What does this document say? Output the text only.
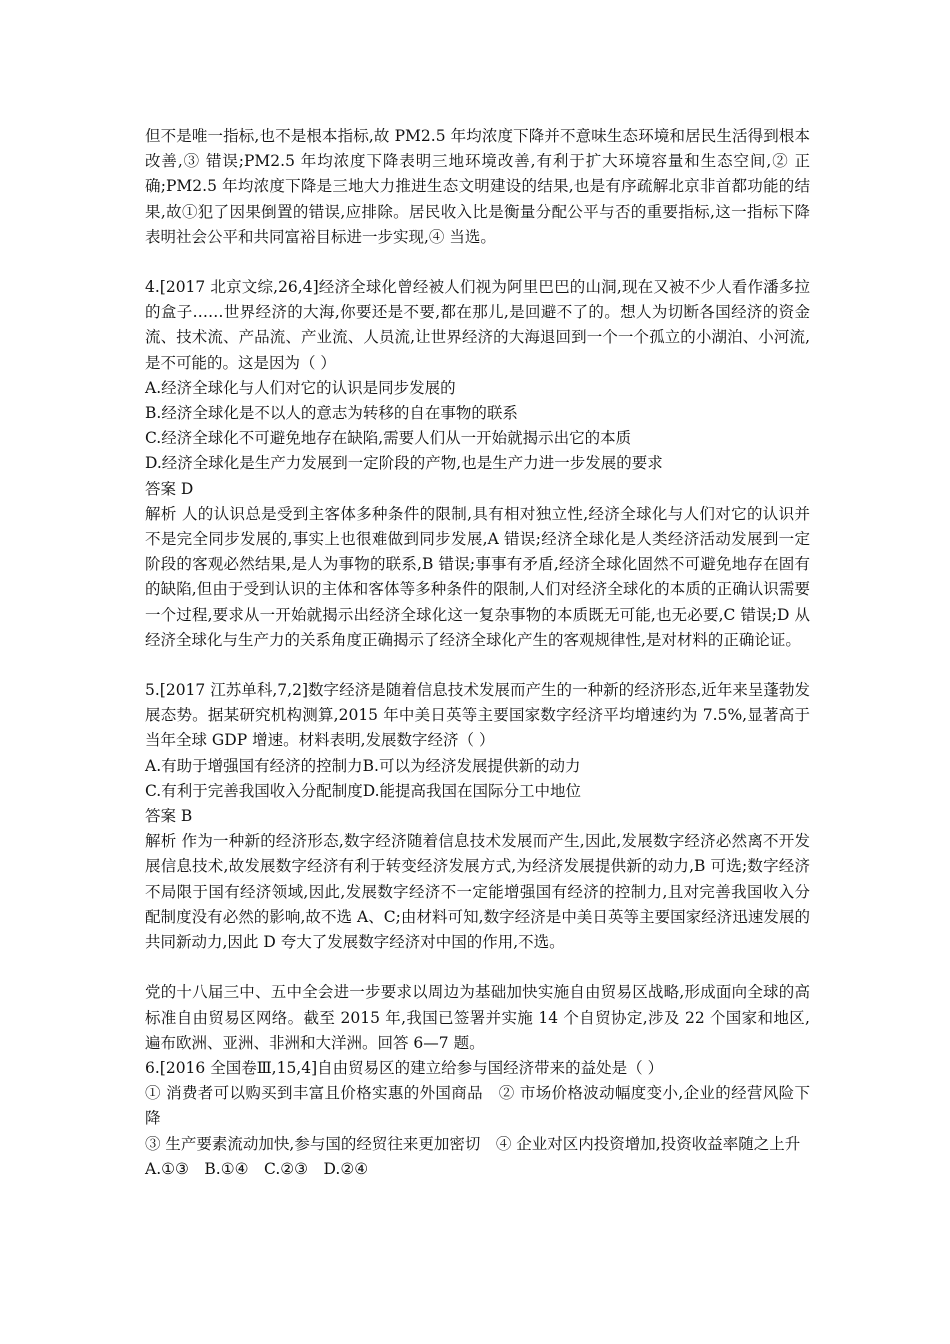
但不是唯一指标,也不是根本指标,故 PM2.5 年均浓度下降并不意味生态环境和居民生活得到根本改善,③ 错误;PM2.5 年均浓度下降表明三地环境改善,有利于扩大环境容量和生态空间,② 正确;PM2.5 年均浓度下降是三地大力推进生态文明建设的结果,也是有序疏解北京非首都功能的结果,故①犯了因果倒置的错误,应排除。居民收入比是衡量分配公平与否的重要指标,这一指标下降表明社会公平和共同富裕目标进一步实现,④ 当选。

4.[2017 北京文综,26,4]经济全球化曾经被人们视为阿里巴巴的山洞,现在又被不少人看作潘多拉的盒子……世界经济的大海,你要还是不要,都在那儿,是回避不了的。想人为切断各国经济的资金流、技术流、产品流、产业流、人员流,让世界经济的大海退回到一个一个孤立的小湖泊、小河流,是不可能的。这是因为（ ）

A.经济全球化与人们对它的认识是同步发展的

B.经济全球化是不以人的意志为转移的自在事物的联系

C.经济全球化不可避免地存在缺陷,需要人们从一开始就揭示出它的本质

D.经济全球化是生产力发展到一定阶段的产物,也是生产力进一步发展的要求

答案 D

解析 人的认识总是受到主客体多种条件的限制,具有相对独立性,经济全球化与人们对它的认识并不是完全同步发展的,事实上也很难做到同步发展,A 错误;经济全球化是人类经济活动发展到一定阶段的客观必然结果,是人为事物的联系,B 错误;事事有矛盾,经济全球化固然不可避免地存在固有的缺陷,但由于受到认识的主体和客体等多种条件的限制,人们对经济全球化的本质的正确认识需要一个过程,要求从一开始就揭示出经济全球化这一复杂事物的本质既无可能,也无必要,C 错误;D 从经济全球化与生产力的关系角度正确揭示了经济全球化产生的客观规律性,是对材料的正确论证。

5.[2017 江苏单科,7,2]数字经济是随着信息技术发展而产生的一种新的经济形态,近年来呈蓬勃发展态势。据某研究机构测算,2015 年中美日英等主要国家数字经济平均增速约为 7.5%,显著高于当年全球 GDP 增速。材料表明,发展数字经济（ ）

A.有助于增强国有经济的控制力B.可以为经济发展提供新的动力

C.有利于完善我国收入分配制度D.能提高我国在国际分工中地位

答案 B

解析 作为一种新的经济形态,数字经济随着信息技术发展而产生,因此,发展数字经济必然离不开发展信息技术,故发展数字经济有利于转变经济发展方式,为经济发展提供新的动力,B 可选;数字经济不局限于国有经济领域,因此,发展数字经济不一定能增强国有经济的控制力,且对完善我国收入分配制度没有必然的影响,故不选 A、C;由材料可知,数字经济是中美日英等主要国家经济迅速发展的共同新动力,因此 D 夸大了发展数字经济对中国的作用,不选。

党的十八届三中、五中全会进一步要求以周边为基础加快实施自由贸易区战略,形成面向全球的高标准自由贸易区网络。截至 2015 年,我国已签署并实施 14 个自贸协定,涉及 22 个国家和地区,遍布欧洲、亚洲、非洲和大洋洲。回答 6—7 题。

6.[2016 全国卷Ⅲ,15,4]自由贸易区的建立给参与国经济带来的益处是（ ）

① 消费者可以购买到丰富且价格实惠的外国商品　② 市场价格波动幅度变小,企业的经营风险下降

③ 生产要素流动加快,参与国的经贸往来更加密切　④ 企业对区内投资增加,投资收益率随之上升

A.①③　B.①④　C.②③　D.②④
